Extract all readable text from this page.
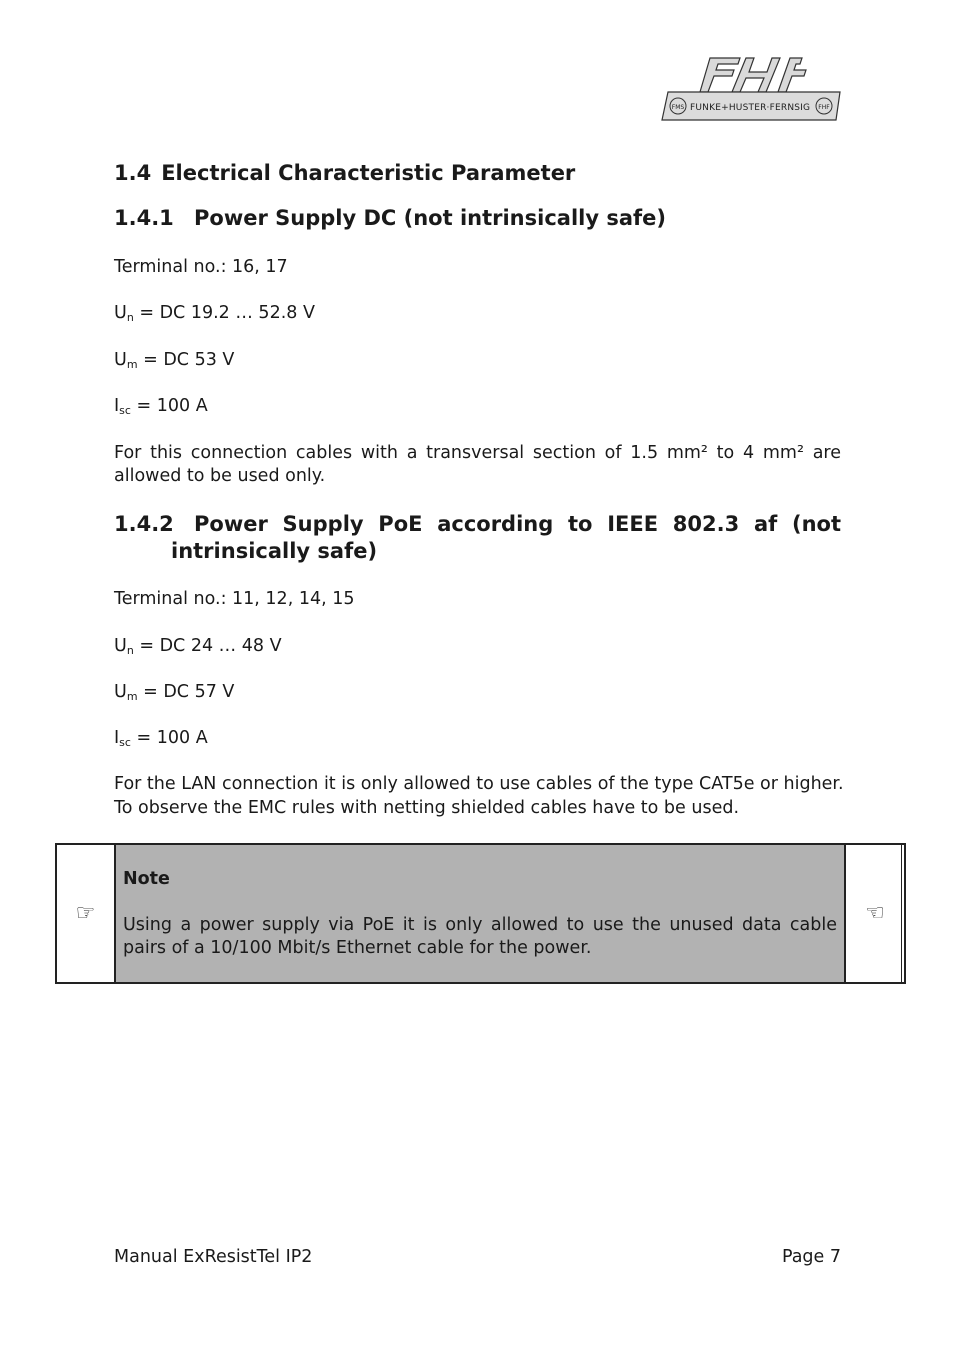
FMS FUNKE+HUSTER·FERNSIG FHF
1.4 Electrical Characteristic Parameter
1.4.1 Power Supply DC (not intrinsically safe)
Terminal no.: 16, 17
$U_n$ = DC 19.2 … 52.8 V
$U_m$ = DC 53 V
$I_{sc} = 100$ A
For this connection cables with a transversal section of 1.5 mm² to 4 mm² are allowed to be used only.
1.4.2 Power Supply PoE according to IEEE 802.3 af (not
intrinsically safe)
Terminal no.: 11, 12, 14, 15
$U_n$ = DC 24 … 48 V
$U_m$ = DC 57 V
$I_{sc} = 100$ A
For the LAN connection it is only allowed to use cables of the type CAT5e or higher.
To observe the EMC rules with netting shielded cables have to be used.
☞
Note
Using a power supply via PoE it is only allowed to use the unused data cable pairs of a 10/100 Mbit/s Ethernet cable for the power.
☜
Manual ExResistTel IP2	Page 7
